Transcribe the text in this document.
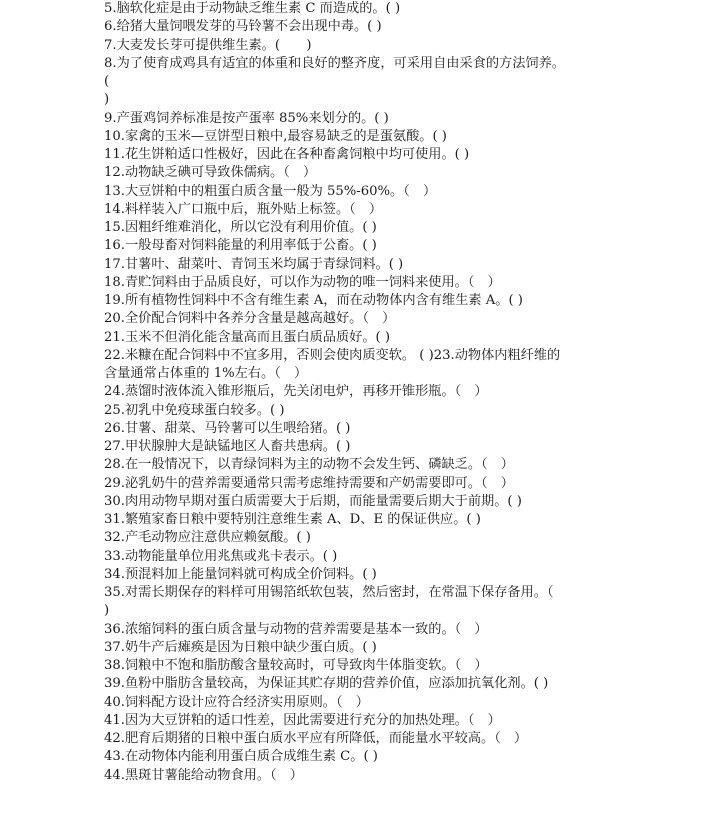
5.脑软化症是由于动物缺乏维生素 C 而造成的。( )
6.给猪大量饲喂发芽的马铃薯不会出现中毒。( )
7.大麦发长芽可提供维生素。(　　)
8.为了使育成鸡具有适宜的体重和良好的整齐度，可采用自由采食的方法饲养。
(
)
9.产蛋鸡饲养标准是按产蛋率 85%来划分的。( )
10.家禽的玉米—豆饼型日粮中,最容易缺乏的是蛋氨酸。( )
11.花生饼粕适口性极好，因此在各种畜禽饲粮中均可使用。( )
12.动物缺乏碘可导致侏儒病。（　）
13.大豆饼粕中的粗蛋白质含量一般为 55%-60%。（　）
14.料样装入广口瓶中后，瓶外贴上标签。（　）
15.因粗纤维难消化，所以它没有利用价值。( )
16.一般母畜对饲料能量的利用率低于公畜。( )
17.甘薯叶、甜菜叶、青饲玉米均属于青绿饲料。( )
18.青贮饲料由于品质良好，可以作为动物的唯一饲料来使用。（　）
19.所有植物性饲料中不含有维生素 A，而在动物体内含有维生素 A。( )
20.全价配合饲料中各养分含量是越高越好。（　）
21.玉米不但消化能含量高而且蛋白质品质好。( )
22.米糠在配合饲料中不宜多用，否则会使肉质变软。 ( )23.动物体内粗纤维的
含量通常占体重的 1%左右。（　）
24.蒸馏时液体流入锥形瓶后，先关闭电炉，再移开锥形瓶。（　）
25.初乳中免疫球蛋白较多。( )
26.甘薯、甜菜、马铃薯可以生喂给猪。( )
27.甲状腺肿大是缺锰地区人畜共患病。( )
28.在一般情况下，以青绿饲料为主的动物不会发生钙、磷缺乏。（　）
29.泌乳奶牛的营养需要通常只需考虑维持需要和产奶需要即可。（　）
30.肉用动物早期对蛋白质需要大于后期，而能量需要后期大于前期。( )
31.繁殖家畜日粮中要特别注意维生素 A、D、E 的保证供应。( )
32.产毛动物应注意供应赖氨酸。( )
33.动物能量单位用兆焦或兆卡表示。( )
34.预混料加上能量饲料就可构成全价饲料。( )
35.对需长期保存的料样可用锡箔纸软包装，然后密封，在常温下保存备用。（
)
36.浓缩饲料的蛋白质含量与动物的营养需要是基本一致的。（　）
37.奶牛产后瘫痪是因为日粮中缺少蛋白质。( )
38.饲粮中不饱和脂肪酸含量较高时，可导致肉牛体脂变软。（　）
39.鱼粉中脂肪含量较高，为保证其贮存期的营养价值，应添加抗氧化剂。( )
40.饲料配方设计应符合经济实用原则。（　）
41.因为大豆饼粕的适口性差，因此需要进行充分的加热处理。（　）
42.肥育后期猪的日粮中蛋白质水平应有所降低，而能量水平较高。（　）
43.在动物体内能利用蛋白质合成维生素 C。( )
44.黑斑甘薯能给动物食用。（　）
